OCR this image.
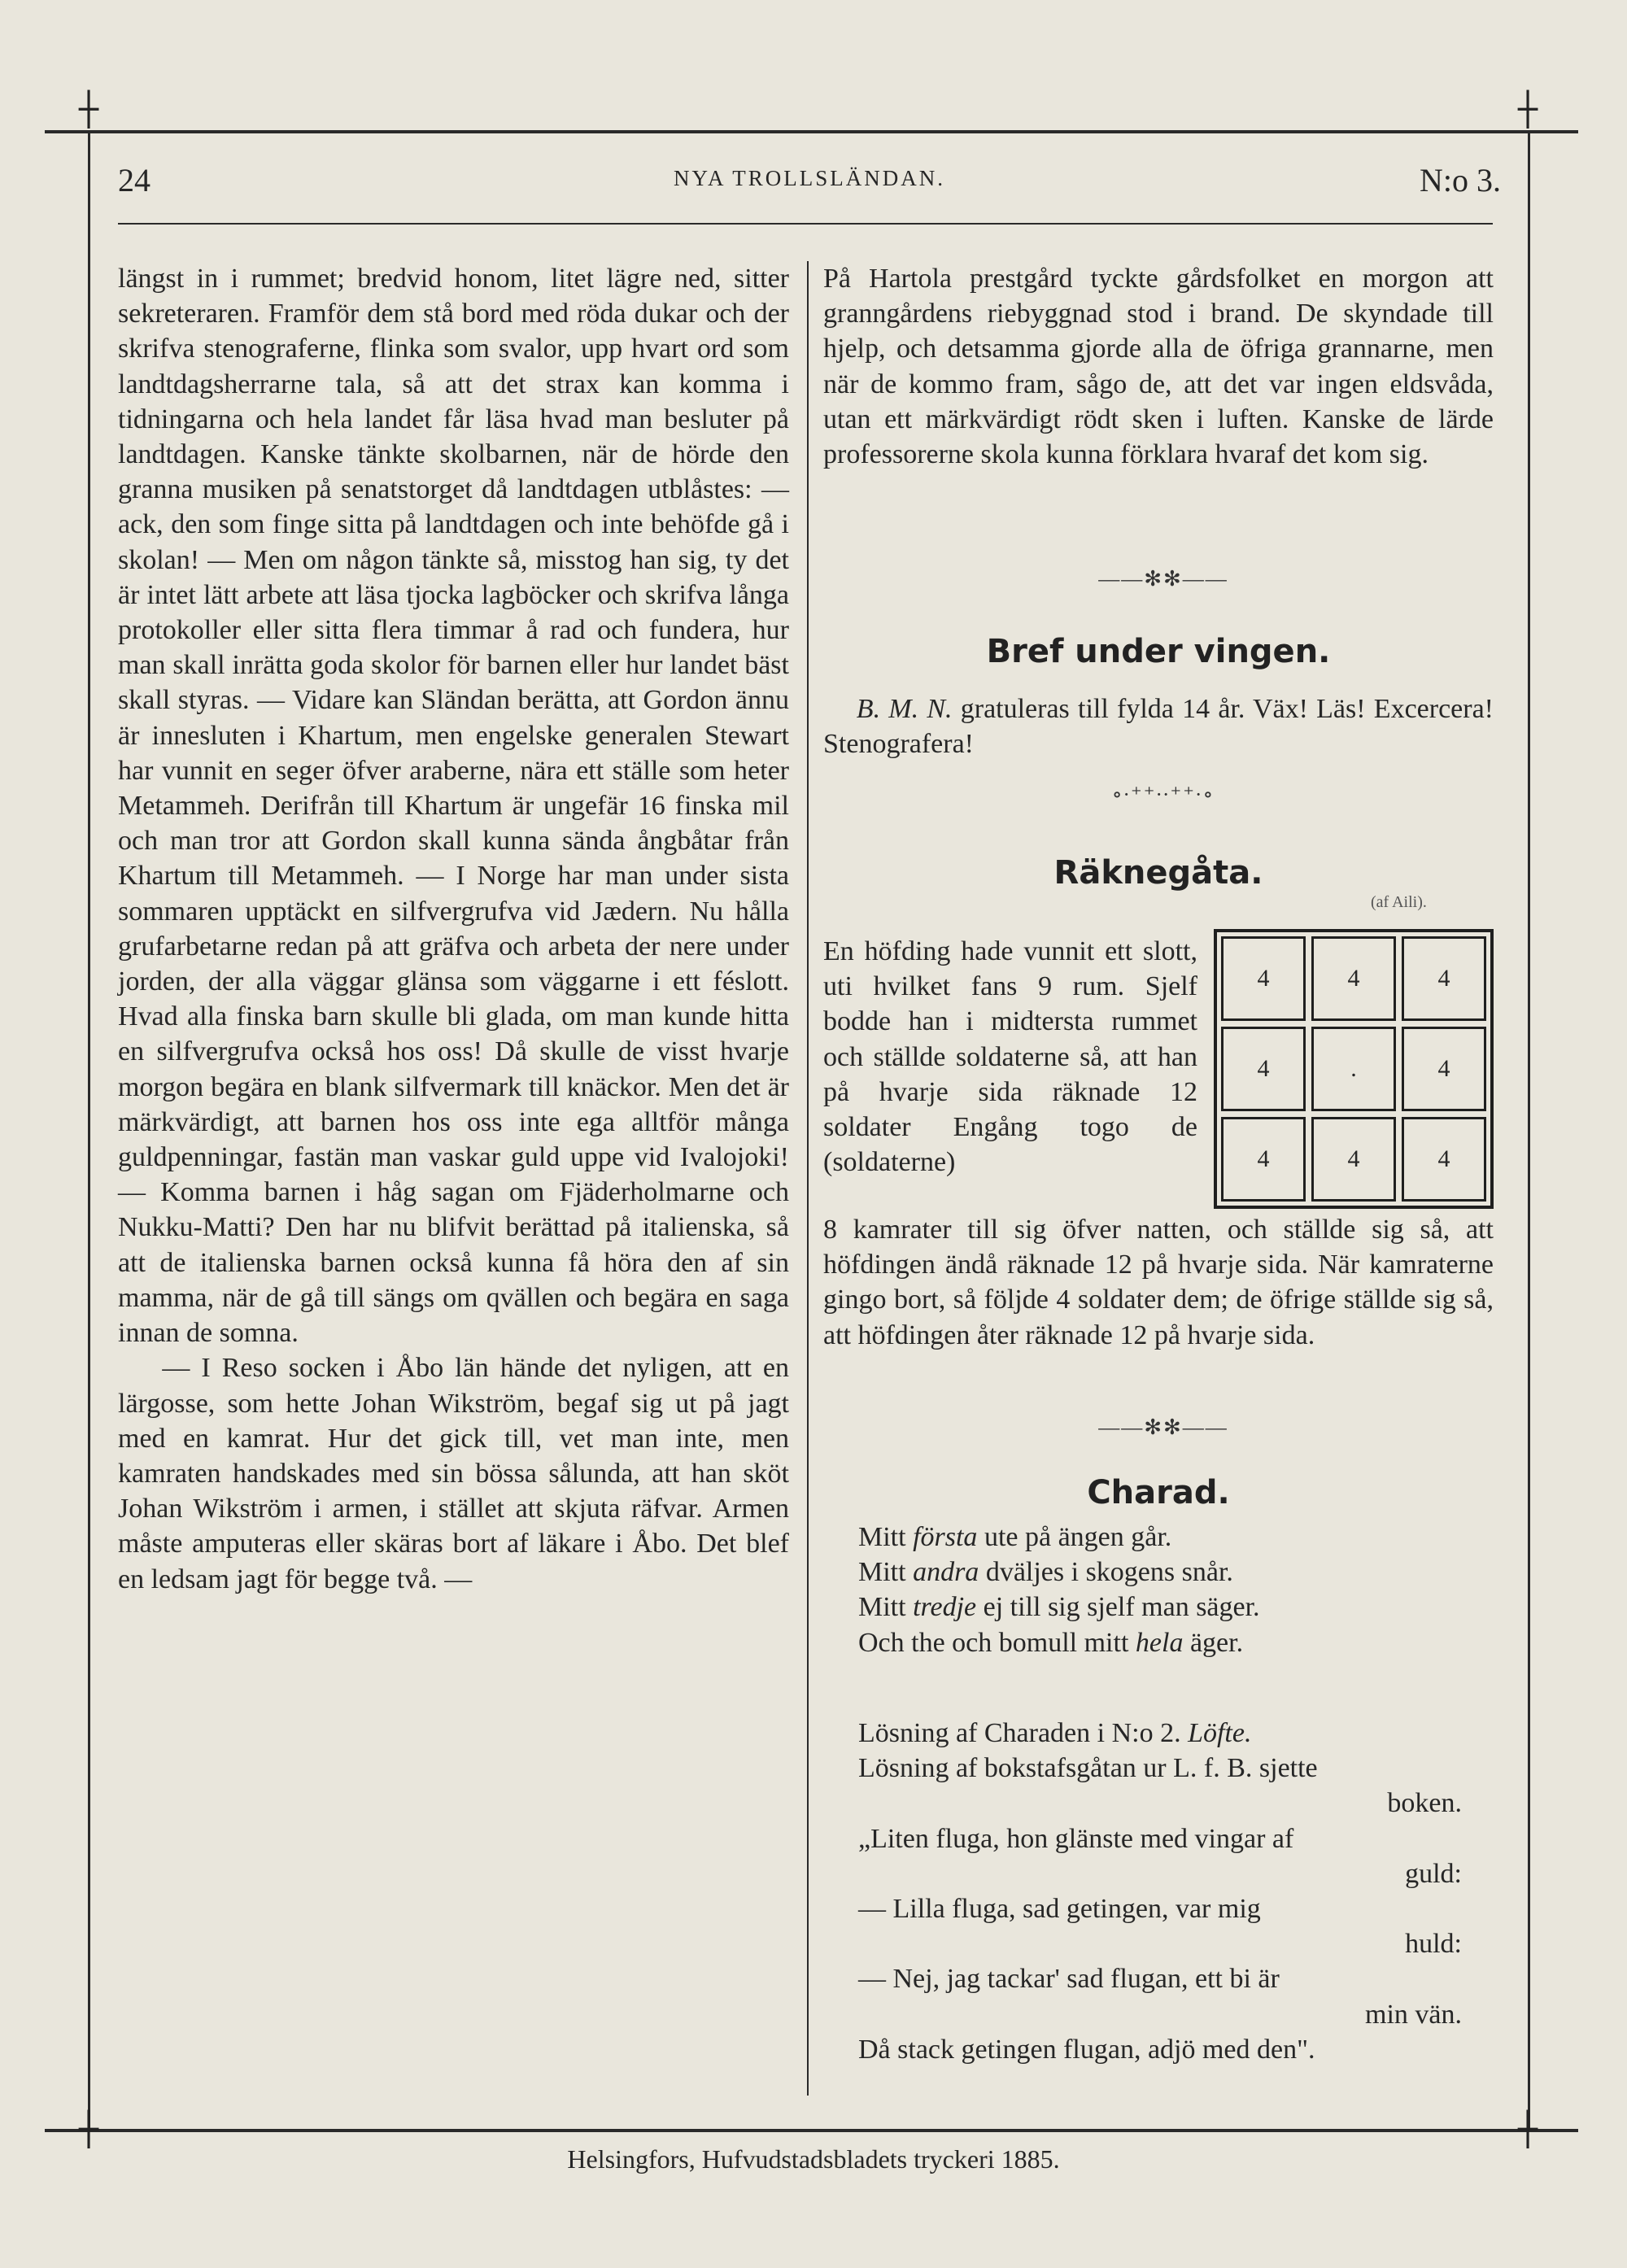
┼	┼
┼	┼
24	NYA TROLLSLÄNDAN.	N:o 3.

längst in i rummet; bredvid honom, litet lägre ned, sitter sekreteraren. Framför dem stå bord med röda dukar och der skrifva stenograferne, flinka som svalor, upp hvart ord som landtdagsherrarne tala, så att det strax kan komma i tidningarna och hela landet får läsa hvad man besluter på landtdagen. Kanske tänkte skolbarnen, när de hörde den granna musiken på senatstorget då landtdagen utblåstes: — ack, den som finge sitta på landtdagen och inte behöfde gå i skolan! — Men om någon tänkte så, misstog han sig, ty det är intet lätt arbete att läsa tjocka lagböcker och skrifva långa protokoller eller sitta flera timmar å rad och fundera, hur man skall inrätta goda skolor för barnen eller hur landet bäst skall styras. — Vidare kan Sländan berätta, att Gordon ännu är innesluten i Khartum, men engelske generalen Stewart har vunnit en seger öfver araberne, nära ett ställe som heter Metammeh. Derifrån till Khartum är ungefär 16 finska mil och man tror att Gordon skall kunna sända ångbåtar från Khartum till Metammeh. — I Norge har man under sista sommaren upptäckt en silfvergrufva vid Jædern. Nu hålla grufarbetarne redan på att gräfva och arbeta der nere under jorden, der alla väggar glänsa som väggarne i ett féslott. Hvad alla finska barn skulle bli glada, om man kunde hitta en silfvergrufva också hos oss! Då skulle de visst hvarje morgon begära en blank silfvermark till knäckor. Men det är märkvärdigt, att barnen hos oss inte ega alltför många guldpenningar, fastän man vaskar guld uppe vid Ivalojoki! — Komma barnen i håg sagan om Fjäderholmarne och Nukku-Matti? Den har nu blifvit berättad på italienska, så att de italienska barnen också kunna få höra den af sin mamma, när de gå till sängs om qvällen och begära en saga innan de somna.

— I Reso socken i Åbo län hände det nyligen, att en lärgosse, som hette Johan Wikström, begaf sig ut på jagt med en kamrat. Hur det gick till, vet man inte, men kamraten handskades med sin bössa sålunda, att han sköt Johan Wikström i armen, i stället att skjuta räfvar. Armen måste amputeras eller skäras bort af läkare i Åbo. Det blef en ledsam jagt för begge två. —

På Hartola prestgård tyckte gårdsfolket en morgon att granngårdens riebyggnad stod i brand. De skyndade till hjelp, och detsamma gjorde alla de öfriga grannarne, men när de kommo fram, sågo de, att det var ingen eldsvåda, utan ett märkvärdigt rödt sken i luften. Kanske de lärde professorerne skola kunna förklara hvaraf det kom sig.
——✻✻——
Bref under vingen.
B. M. N. gratuleras till fylda 14 år. Väx! Läs! Excercera! Stenografera!
∘∙⁺⁺∙∙⁺⁺∙∘
Räknegåta.
(af Aili).
En höfding hade vunnit ett slott, uti hvilket fans 9 rum. Sjelf bodde han i midtersta rummet och ställde soldaterne så, att han på hvarje sida räknade 12 soldater Engång togo de (soldaterne)
4	4	4
4	.	4
4	4	4
8 kamrater till sig öfver natten, och ställde sig så, att höfdingen ändå räknade 12 på hvarje sida. När kamraterne gingo bort, så följde 4 soldater dem; de öfrige ställde sig så, att höfdingen åter räknade 12 på hvarje sida.
——✻✻——
Charad.
Mitt första ute på ängen går.
Mitt andra dväljes i skogens snår.
Mitt tredje ej till sig sjelf man säger.
Och the och bomull mitt hela äger.
Lösning af Charaden i N:o 2. Löfte.
Lösning af bokstafsgåtan ur L. f. B. sjette
boken.
„Liten fluga, hon glänste med vingar af
guld:
— Lilla fluga, sad getingen, var mig
huld:
— Nej, jag tackar' sad flugan, ett bi är
min vän.
Då stack getingen flugan, adjö med den".
Helsingfors, Hufvudstadsbladets tryckeri 1885.
